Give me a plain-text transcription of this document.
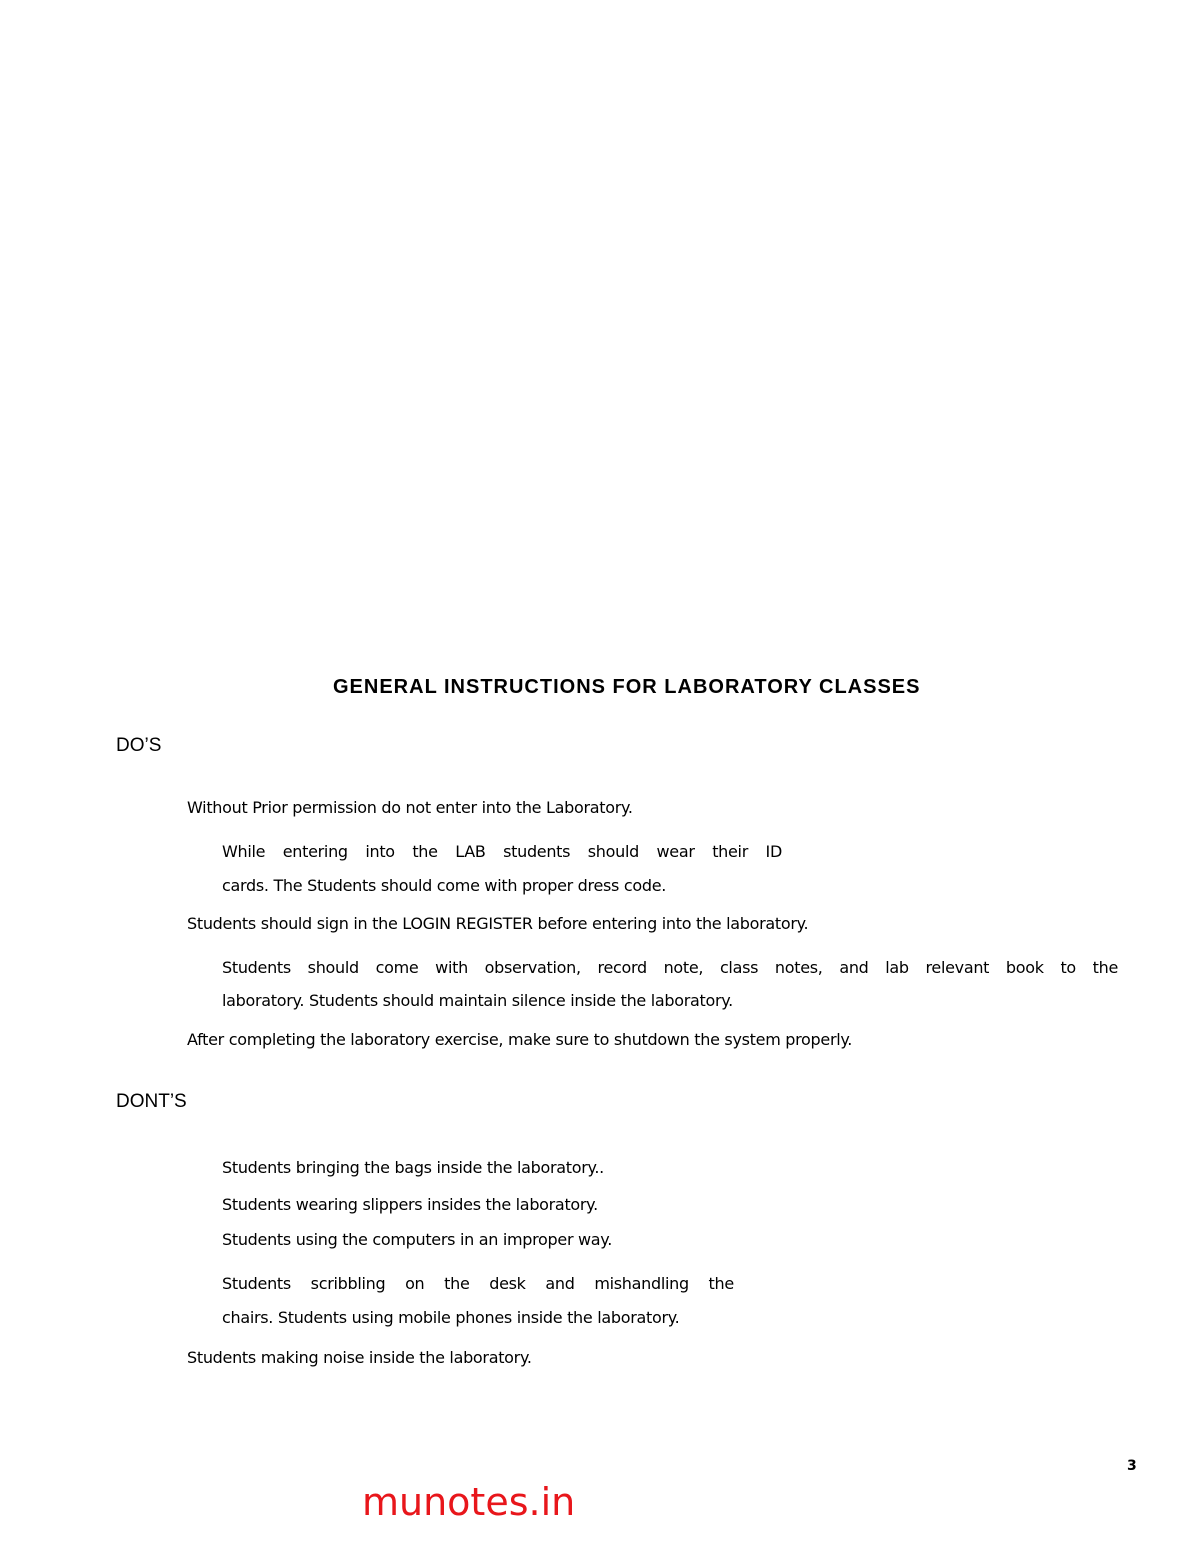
GENERAL INSTRUCTIONS FOR LABORATORY CLASSES
DO’S
Without Prior permission do not enter into the Laboratory.
While entering into the LAB students should wear their ID
cards. The Students should come with proper dress code.
Students should sign in the LOGIN REGISTER before entering into the laboratory.
Students should come with observation, record note, class notes, and lab relevant book to the
laboratory. Students should maintain silence inside the laboratory.
After completing the laboratory exercise, make sure to shutdown the system properly.
DONT’S
Students bringing the bags inside the laboratory..
Students wearing slippers insides the laboratory.
Students using the computers in an improper way.
Students scribbling on the desk and mishandling the
chairs. Students using mobile phones inside the laboratory.
Students making noise inside the laboratory.
3
munotes.in
